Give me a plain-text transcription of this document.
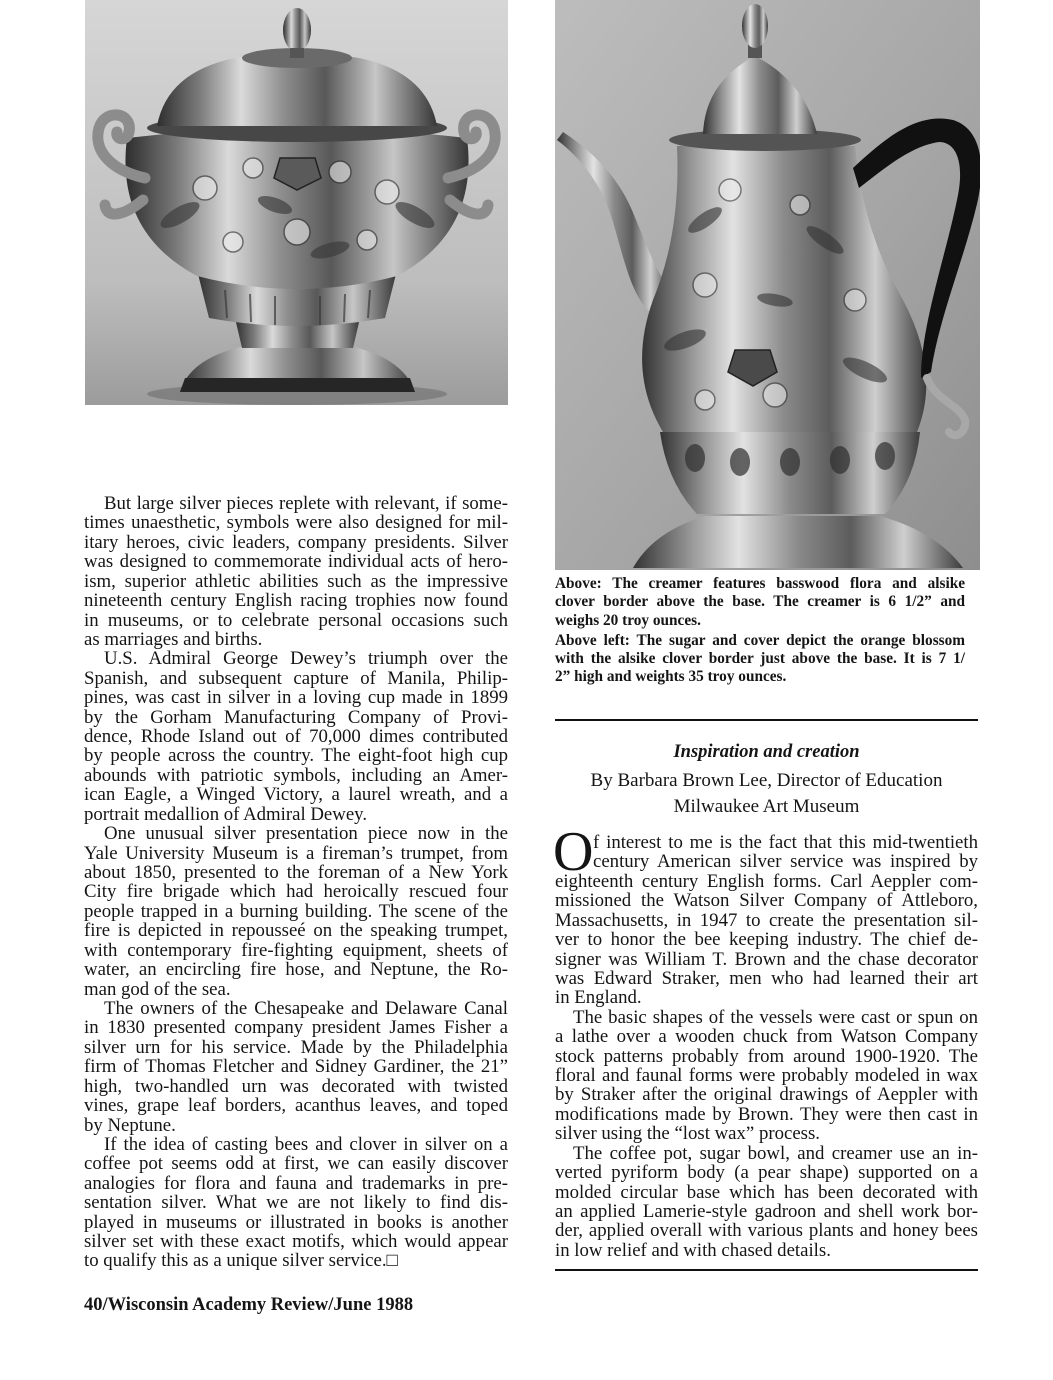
But large silver pieces replete with relevant, if some-
times unaesthetic, symbols were also designed for mil-
itary heroes, civic leaders, company presidents. Silver
was designed to commemorate individual acts of hero-
ism, superior athletic abilities such as the impressive
nineteenth century English racing trophies now found
in museums, or to celebrate personal occasions such
as marriages and births.
U.S. Admiral George Dewey’s triumph over the
Spanish, and subsequent capture of Manila, Philip-
pines, was cast in silver in a loving cup made in 1899
by the Gorham Manufacturing Company of Provi-
dence, Rhode Island out of 70,000 dimes contributed
by people across the country. The eight-foot high cup
abounds with patriotic symbols, including an Amer-
ican Eagle, a Winged Victory, a laurel wreath, and a
portrait medallion of Admiral Dewey.
One unusual silver presentation piece now in the
Yale University Museum is a fireman’s trumpet, from
about 1850, presented to the foreman of a New York
City fire brigade which had heroically rescued four
people trapped in a burning building. The scene of the
fire is depicted in repousseé on the speaking trumpet,
with contemporary fire-fighting equipment, sheets of
water, an encircling fire hose, and Neptune, the Ro-
man god of the sea.
The owners of the Chesapeake and Delaware Canal
in 1830 presented company president James Fisher a
silver urn for his service. Made by the Philadelphia
firm of Thomas Fletcher and Sidney Gardiner, the 21”
high, two-handled urn was decorated with twisted
vines, grape leaf borders, acanthus leaves, and toped
by Neptune.
If the idea of casting bees and clover in silver on a
coffee pot seems odd at first, we can easily discover
analogies for flora and fauna and trademarks in pre-
sentation silver. What we are not likely to find dis-
played in museums or illustrated in books is another
silver set with these exact motifs, which would appear
to qualify this as a unique silver service.□
Above: The creamer features basswood flora and alsike
clover border above the base. The creamer is 6 1/2” and
weighs 20 troy ounces.
Above left: The sugar and cover depict the orange blossom
with the alsike clover border just above the base. It is 7 1/
2” high and weights 35 troy ounces.
Inspiration and creation
By Barbara Brown Lee, Director of Education
Milwaukee Art Museum
O f interest to me is the fact that this mid-twentieth
century American silver service was inspired by
eighteenth century English forms. Carl Aeppler com-
missioned the Watson Silver Company of Attleboro,
Massachusetts, in 1947 to create the presentation sil-
ver to honor the bee keeping industry. The chief de-
signer was William T. Brown and the chase decorator
was Edward Straker, men who had learned their art
in England.
The basic shapes of the vessels were cast or spun on
a lathe over a wooden chuck from Watson Company
stock patterns probably from around 1900-1920. The
floral and faunal forms were probably modeled in wax
by Straker after the original drawings of Aeppler with
modifications made by Brown. They were then cast in
silver using the “lost wax” process.
The coffee pot, sugar bowl, and creamer use an in-
verted pyriform body (a pear shape) supported on a
molded circular base which has been decorated with
an applied Lamerie-style gadroon and shell work bor-
der, applied overall with various plants and honey bees
in low relief and with chased details.
40/Wisconsin Academy Review/June 1988
